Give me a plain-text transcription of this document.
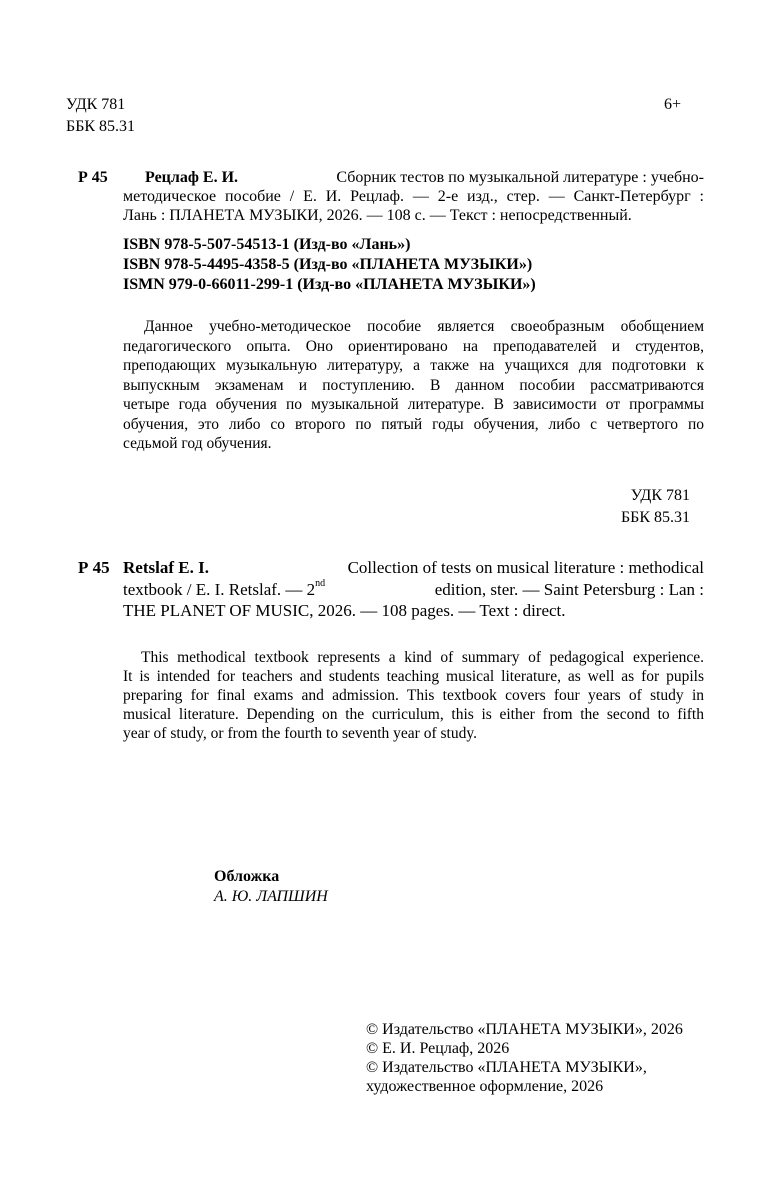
УДК 781
ББК 85.31
6+
Р 45 Рецлаф Е. И.	Сборник тестов по музыкальной литературе : учебно-
методическое пособие / Е. И. Рецлаф. — 2-е изд., стер. — Санкт-Петербург :
Лань : ПЛАНЕТА МУЗЫКИ, 2026. — 108 с. — Текст : непосредственный.
ISBN 978-5-507-54513-1 (Изд-во «Лань»)
ISBN 978-5-4495-4358-5 (Изд-во «ПЛАНЕТА МУЗЫКИ»)
ISMN 979-0-66011-299-1 (Изд-во «ПЛАНЕТА МУЗЫКИ»)
Данное учебно-методическое пособие является своеобразным обобщением
педагогического опыта. Оно ориентировано на преподавателей и студентов,
преподающих музыкальную литературу, а также на учащихся для подготовки к
выпускным экзаменам и поступлению. В данном пособии рассматриваются
четыре года обучения по музыкальной литературе. В зависимости от программы
обучения, это либо со второго по пятый годы обучения, либо с четвертого по
седьмой год обучения.
УДК 781
ББК 85.31
Р 45 Retslaf E. I.	Collection of tests on musical literature : methodical
textbook / E. I. Retslaf. — 2nd	edition, ster. — Saint Petersburg : Lan :
THE PLANET OF MUSIC, 2026. — 108 pages. — Text : direct.
This methodical textbook represents a kind of summary of pedagogical experience.
It is intended for teachers and students teaching musical literature, as well as for pupils
preparing for final exams and admission. This textbook covers four years of study in
musical literature. Depending on the curriculum, this is either from the second to fifth
year of study, or from the fourth to seventh year of study.
Обложка
А. Ю. ЛАПШИН
© Издательство «ПЛАНЕТА МУЗЫКИ», 2026
© Е. И. Рецлаф, 2026
© Издательство «ПЛАНЕТА МУЗЫКИ»,
художественное оформление, 2026
